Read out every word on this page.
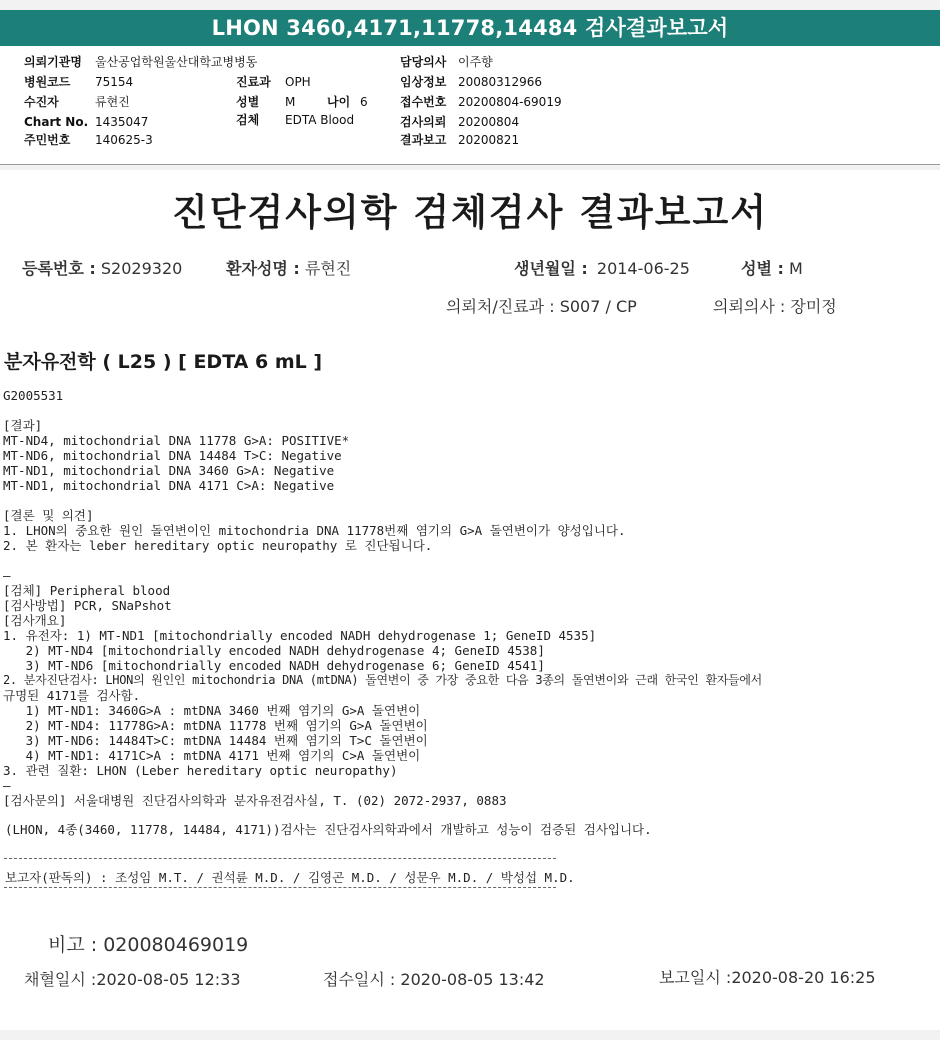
LHON 3460,4171,11778,14484 검사결과보고서
의뢰기관명 울산공업학원울산대학교병병동
병원코드 75154
수진자	류현진
Chart No. 1435047
주민번호 140625-3
진료과 OPH
성별 M	나이 6
검체 EDTA Blood
담당의사 이주향
임상정보 20080312966
접수번호 20200804-69019
검사의뢰 20200804
결과보고 20200821
진단검사의학 검체검사 결과보고서
등록번호 : S2029320	환자성명 : 류현진	생년월일 : 2014-06-25	성별 : M
의뢰처/진료과 : S007 / CP	의뢰의사 : 장미정
분자유전학 ( L25 ) [ EDTA 6 mL ]
G2005531
[결과]
MT-ND4, mitochondrial DNA 11778 G>A: POSITIVE*
MT-ND6, mitochondrial DNA 14484 T>C: Negative
MT-ND1, mitochondrial DNA 3460 G>A: Negative
MT-ND1, mitochondrial DNA 4171 C>A: Negative
[결론 및 의견]
1. LHON의 중요한 원인 돌연변이인 mitochondria DNA 11778번째 염기의 G>A 돌연변이가 양성입니다.
2. 본 환자는 leber hereditary optic neuropathy 로 진단됩니다.
—
[검체] Peripheral blood
[검사방법] PCR, SNaPshot
[검사개요]
1. 유전자: 1) MT-ND1 [mitochondrially encoded NADH dehydrogenase 1; GeneID 4535]
2) MT-ND4 [mitochondrially encoded NADH dehydrogenase 4; GeneID 4538]
3) MT-ND6 [mitochondrially encoded NADH dehydrogenase 6; GeneID 4541]
2. 분자진단검사: LHON의 원인인 mitochondria DNA (mtDNA) 돌연변이 중 가장 중요한 다음 3종의 돌연변이와 근래 한국인 환자들에서
규명된 4171를 검사함.
1) MT-ND1: 3460G>A : mtDNA 3460 번째 염기의 G>A 돌연변이
2) MT-ND4: 11778G>A: mtDNA 11778 번째 염기의 G>A 돌연변이
3) MT-ND6: 14484T>C: mtDNA 14484 번째 염기의 T>C 돌연변이
4) MT-ND1: 4171C>A : mtDNA 4171 번째 염기의 C>A 돌연변이
3. 관련 질환: LHON (Leber hereditary optic neuropathy)
—
[검사문의] 서울대병원 진단검사의학과 분자유전검사실, T. (02) 2072-2937, 0883
(LHON, 4종(3460, 11778, 14484, 4171))검사는 진단검사의학과에서 개발하고 성능이 검증된 검사입니다.
보고자(판독의) : 조성임 M.T. / 권석륜 M.D. / 김영곤 M.D. / 성문우 M.D. / 박성섭 M.D.
비고 : 020080469019
채혈일시 :2020-08-05 12:33	접수일시 : 2020-08-05 13:42	보고일시 :2020-08-20 16:25
